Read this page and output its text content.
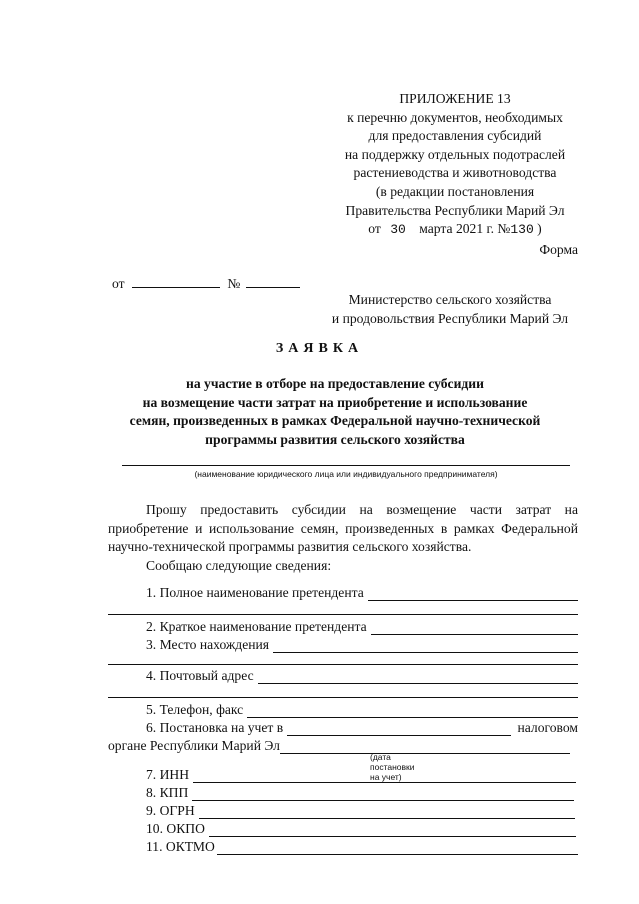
ПРИЛОЖЕНИЕ 13
к перечню документов, необходимых
для предоставления субсидий
на поддержку отдельных подотраслей
растениеводства и животноводства
(в редакции постановления
Правительства Республики Марий Эл
от 30 марта 2021 г. №130 )
Форма
от	№
Министерство сельского хозяйства
и продовольствия Республики Марий Эл
ЗАЯВКА
на участие в отборе на предоставление субсидии
на возмещение части затрат на приобретение и использование
семян, произведенных в рамках Федеральной научно-технической
программы развития сельского хозяйства
(наименование юридического лица или индивидуального предпринимателя)
Прошу предоставить субсидии на возмещение части затрат на приобретение и использование семян, произведенных в рамках Федеральной научно-технической программы развития сельского хозяйства.
Сообщаю следующие сведения:
1. Полное наименование претендента
2. Краткое наименование претендента
3. Место нахождения
4. Почтовый адрес
5. Телефон, факс
6. Постановка на учет в	налоговом
органе Республики Марий Эл
(дата постановки на учет)
7. ИНН
8. КПП
9. ОГРН
10. ОКПО
11. ОКТМО
